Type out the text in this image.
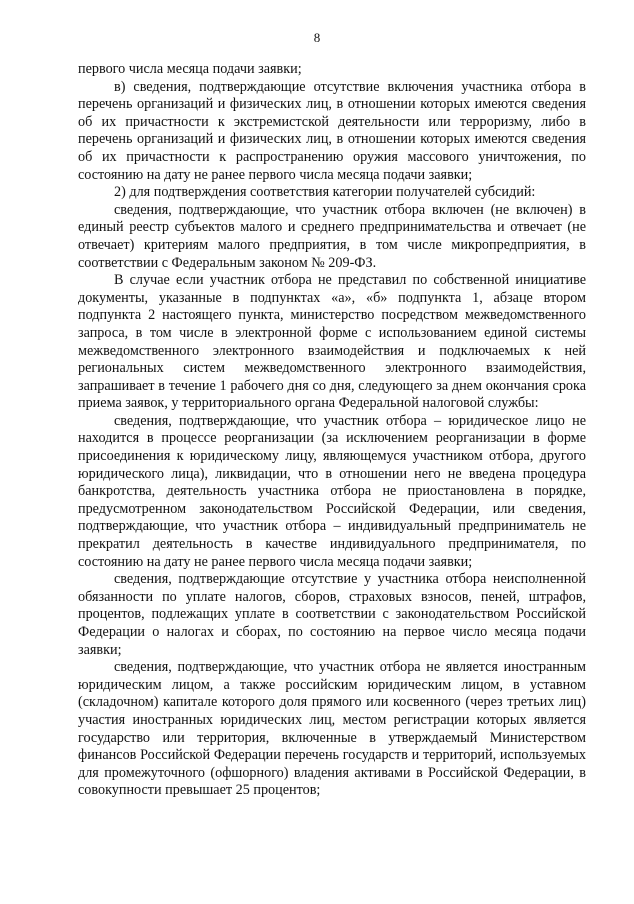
8

первого числа месяца подачи заявки;

в) сведения, подтверждающие отсутствие включения участника отбора в перечень организаций и физических лиц, в отношении которых имеются сведения об их причастности к экстремистской деятельности или терроризму, либо в перечень организаций и физических лиц, в отношении которых имеются сведения об их причастности к распространению оружия массового уничтожения, по состоянию на дату не ранее первого числа месяца подачи заявки;

2) для подтверждения соответствия категории получателей субсидий:

сведения, подтверждающие, что участник отбора включен (не включен) в единый реестр субъектов малого и среднего предпринимательства и отвечает (не отвечает) критериям малого предприятия, в том числе микропредприятия, в соответствии с Федеральным законом № 209-ФЗ.

В случае если участник отбора не представил по собственной инициативе документы, указанные в подпунктах «а», «б» подпункта 1, абзаце втором подпункта 2 настоящего пункта, министерство посредством межведомственного запроса, в том числе в электронной форме с использованием единой системы межведомственного электронного взаимодействия и подключаемых к ней региональных систем межведомственного электронного взаимодействия, запрашивает в течение 1 рабочего дня со дня, следующего за днем окончания срока приема заявок, у территориального органа Федеральной налоговой службы:

сведения, подтверждающие, что участник отбора – юридическое лицо не находится в процессе реорганизации (за исключением реорганизации в форме присоединения к юридическому лицу, являющемуся участником отбора, другого юридического лица), ликвидации, что в отношении него не введена процедура банкротства, деятельность участника отбора не приостановлена в порядке, предусмотренном законодательством Российской Федерации, или сведения, подтверждающие, что участник отбора – индивидуальный предприниматель не прекратил деятельность в качестве индивидуального предпринимателя, по состоянию на дату не ранее первого числа месяца подачи заявки;

сведения, подтверждающие отсутствие у участника отбора неисполненной обязанности по уплате налогов, сборов, страховых взносов, пеней, штрафов, процентов, подлежащих уплате в соответствии с законодательством Российской Федерации о налогах и сборах, по состоянию на первое число месяца подачи заявки;

сведения, подтверждающие, что участник отбора не является иностранным юридическим лицом, а также российским юридическим лицом, в уставном (складочном) капитале которого доля прямого или косвенного (через третьих лиц) участия иностранных юридических лиц, местом регистрации которых является государство или территория, включенные в утверждаемый Министерством финансов Российской Федерации перечень государств и территорий, используемых для промежуточного (офшорного) владения активами в Российской Федерации, в совокупности превышает 25 процентов;
